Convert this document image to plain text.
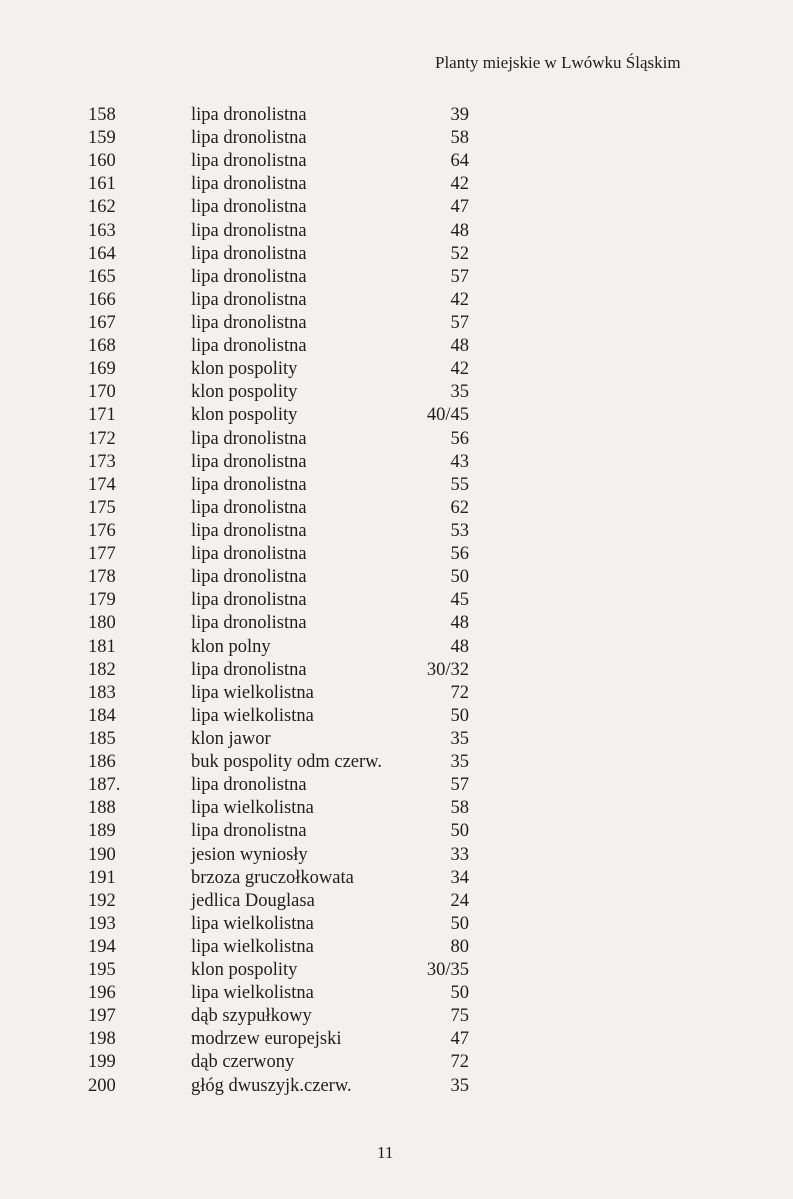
Planty miejskie w Lwówku Śląskim
158	lipa dronolistna	39
159	lipa dronolistna	58
160	lipa dronolistna	64
161	lipa dronolistna	42
162	lipa dronolistna	47
163	lipa dronolistna	48
164	lipa dronolistna	52
165	lipa dronolistna	57
166	lipa dronolistna	42
167	lipa dronolistna	57
168	lipa dronolistna	48
169	klon pospolity	42
170	klon pospolity	35
171	klon pospolity	40/45
172	lipa dronolistna	56
173	lipa dronolistna	43
174	lipa dronolistna	55
175	lipa dronolistna	62
176	lipa dronolistna	53
177	lipa dronolistna	56
178	lipa dronolistna	50
179	lipa dronolistna	45
180	lipa dronolistna	48
181	klon polny	48
182	lipa dronolistna	30/32
183	lipa wielkolistna	72
184	lipa wielkolistna	50
185	klon jawor	35
186	buk pospolity odm czerw.	35
187.	lipa dronolistna	57
188	lipa wielkolistna	58
189	lipa dronolistna	50
190	jesion wyniosły	33
191	brzoza gruczołkowata	34
192	jedlica Douglasa	24
193	lipa wielkolistna	50
194	lipa wielkolistna	80
195	klon pospolity	30/35
196	lipa wielkolistna	50
197	dąb szypułkowy	75
198	modrzew europejski	47
199	dąb czerwony	72
200	głóg dwuszyjk.czerw.	35
11
